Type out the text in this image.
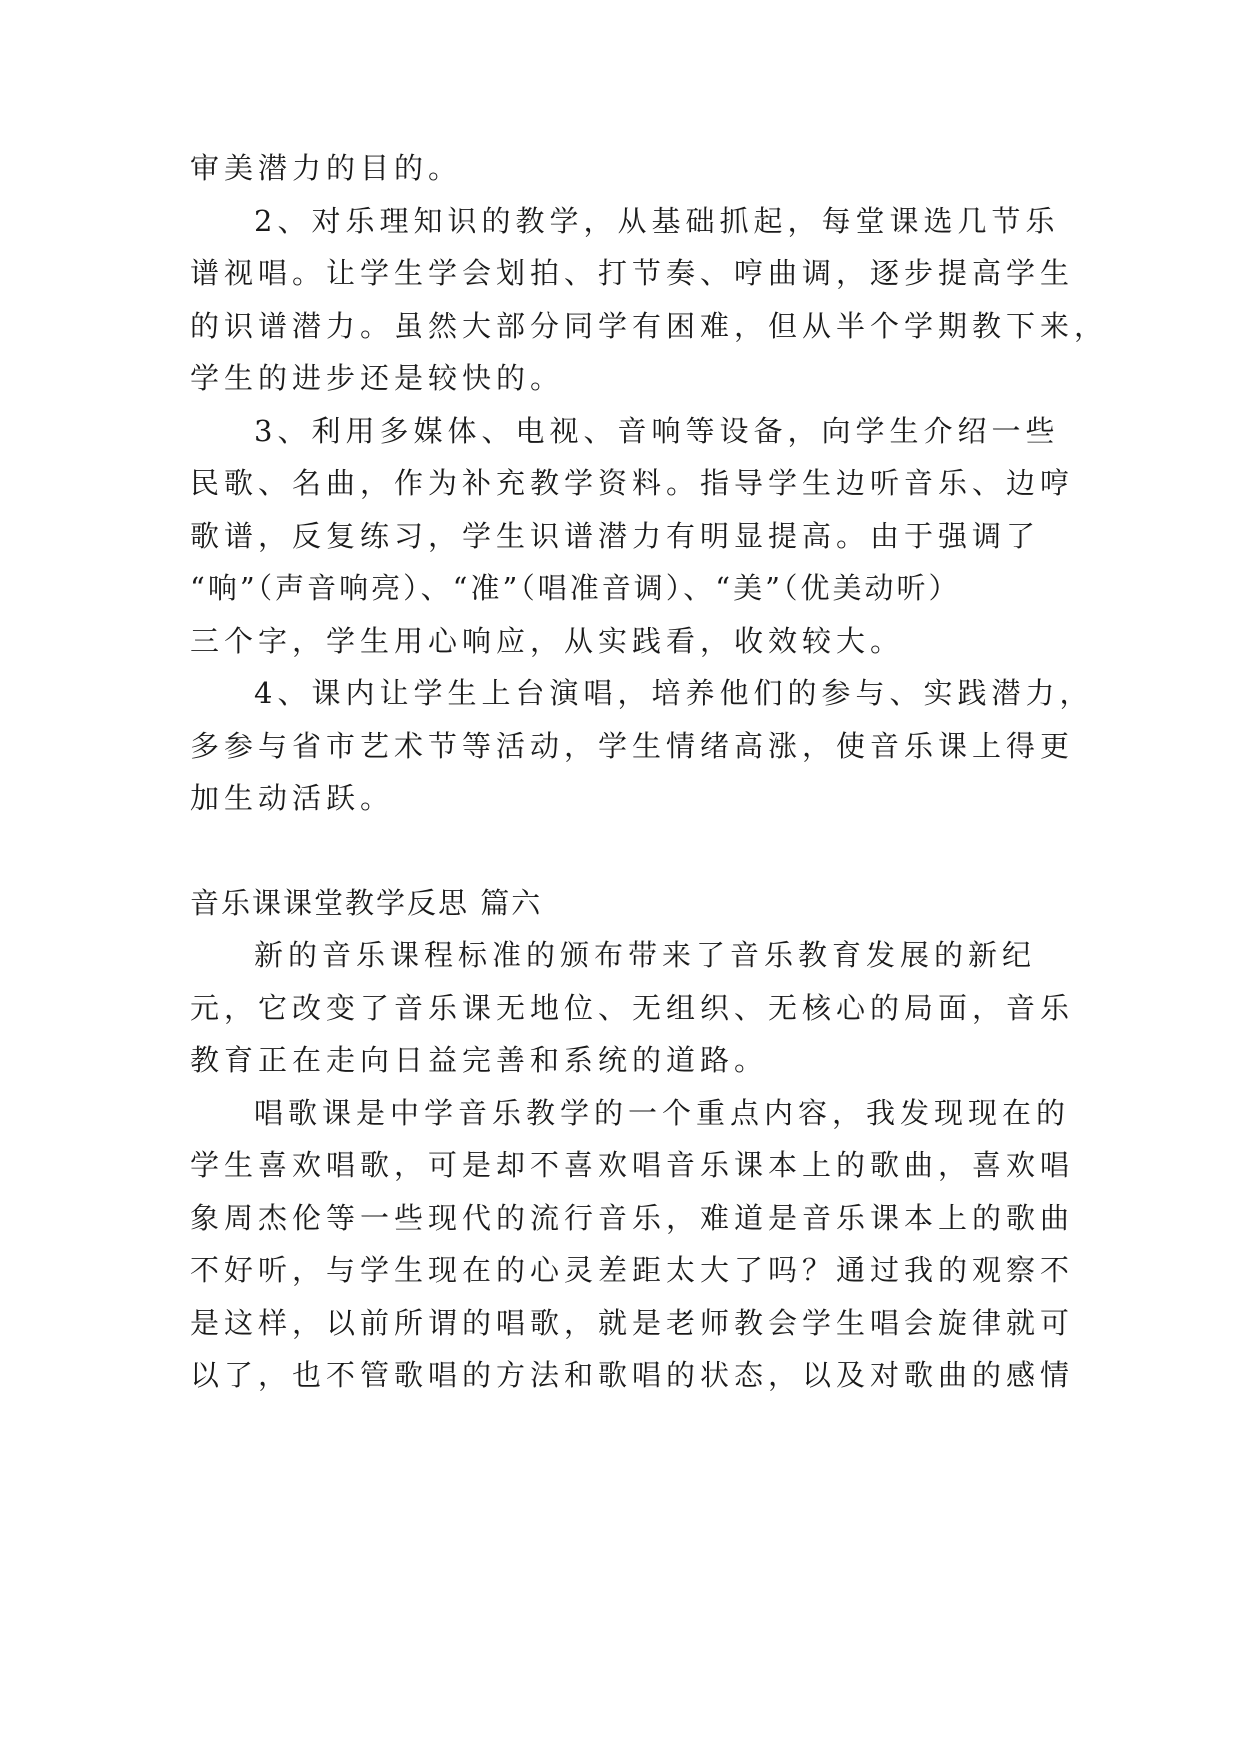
审美潜力的目的。
2、对乐理知识的教学，从基础抓起，每堂课选几节乐
谱视唱。让学生学会划拍、打节奏、哼曲调，逐步提高学生
的识谱潜力。虽然大部分同学有困难，但从半个学期教下来，
学生的进步还是较快的。
3、利用多媒体、电视、音响等设备，向学生介绍一些
民歌、名曲，作为补充教学资料。指导学生边听音乐、边哼
歌谱，反复练习，学生识谱潜力有明显提高。由于强调了
“响”（声音响亮）、“准”（唱准音调）、“美”（优美动听）
三个字，学生用心响应，从实践看，收效较大。
4、课内让学生上台演唱，培养他们的参与、实践潜力，
多参与省市艺术节等活动，学生情绪高涨，使音乐课上得更
加生动活跃。
音乐课课堂教学反思 篇六
新的音乐课程标准的颁布带来了音乐教育发展的新纪
元，它改变了音乐课无地位、无组织、无核心的局面，音乐
教育正在走向日益完善和系统的道路。
唱歌课是中学音乐教学的一个重点内容，我发现现在的
学生喜欢唱歌，可是却不喜欢唱音乐课本上的歌曲，喜欢唱
象周杰伦等一些现代的流行音乐，难道是音乐课本上的歌曲
不好听，与学生现在的心灵差距太大了吗？通过我的观察不
是这样，以前所谓的唱歌，就是老师教会学生唱会旋律就可
以了，也不管歌唱的方法和歌唱的状态，以及对歌曲的感情
